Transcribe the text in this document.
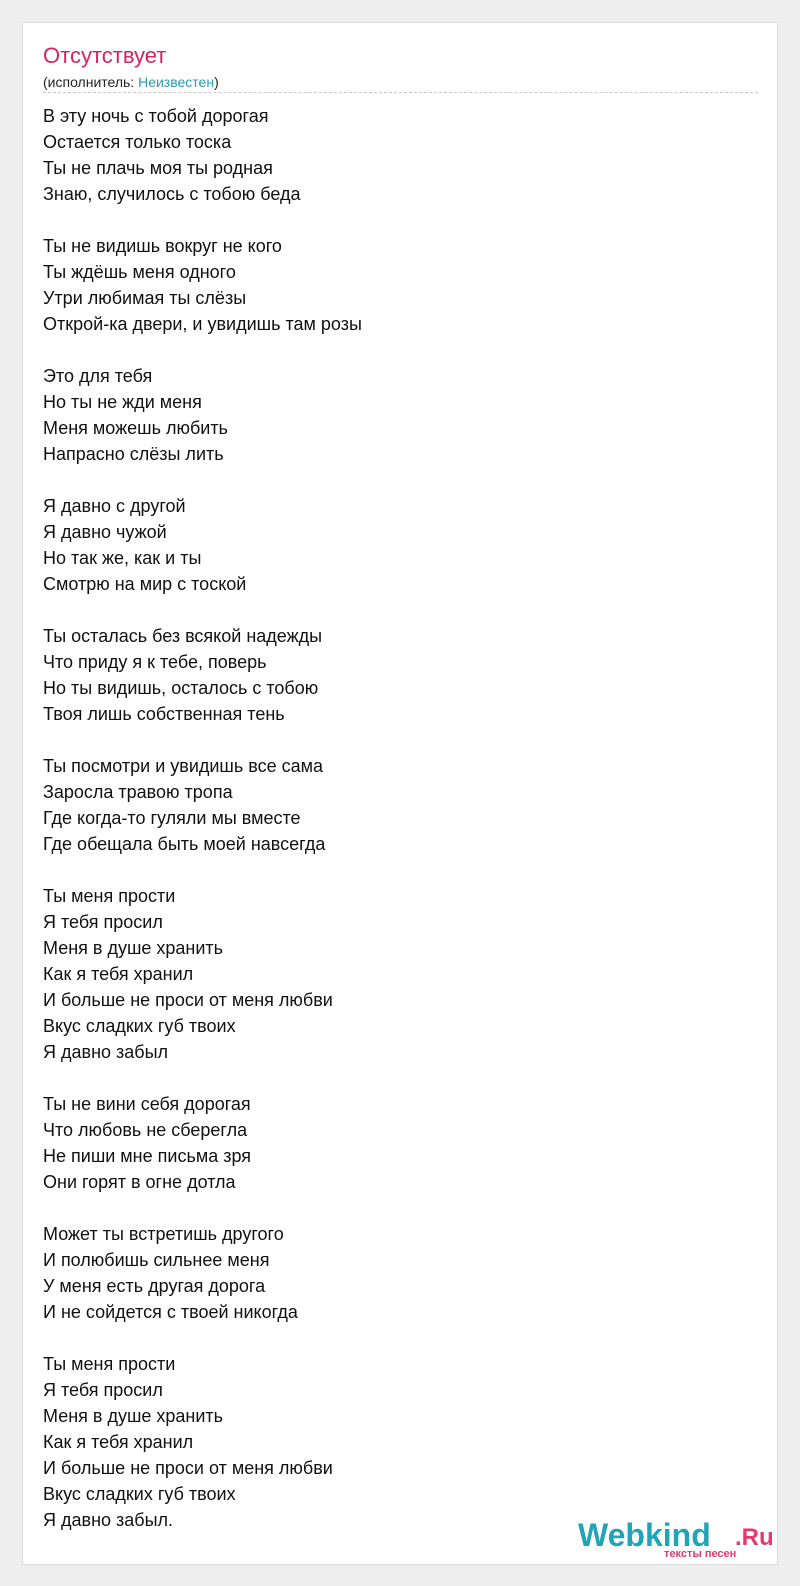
Отсутствует
(исполнитель: Неизвестен)
В эту ночь с тобой дорогая
Остается только тоска
Ты не плачь моя ты родная
Знаю, случилось с тобою беда
Ты не видишь вокруг не кого
Ты ждёшь меня одного
Утри любимая ты слёзы
Открой-ка двери, и увидишь там розы
Это для тебя
Но ты не жди меня
Меня можешь любить
Напрасно слёзы лить
Я давно с другой
Я давно чужой
Но так же, как и ты
Смотрю на мир с тоской
Ты осталась без всякой надежды
Что приду я к тебе, поверь
Но ты видишь, осталось с тобою
Твоя лишь собственная тень
Ты посмотри и увидишь все сама
Заросла травою тропа
Где когда-то гуляли мы вместе
Где обещала быть моей навсегда
Ты меня прости
Я тебя просил
Меня в душе хранить
Как я тебя хранил
И больше не проси от меня любви
Вкус сладких губ твоих
Я давно забыл
Ты не вини себя дорогая
Что любовь не сберегла
Не пиши мне письма зря
Они горят в огне дотла
Может ты встретишь другого
И полюбишь сильнее меня
У меня есть другая дорога
И не сойдется с твоей никогда
Ты меня прости
Я тебя просил
Меня в душе хранить
Как я тебя хранил
И больше не проси от меня любви
Вкус сладких губ твоих
Я давно забыл.	Webkind .Ru
тексты песен
